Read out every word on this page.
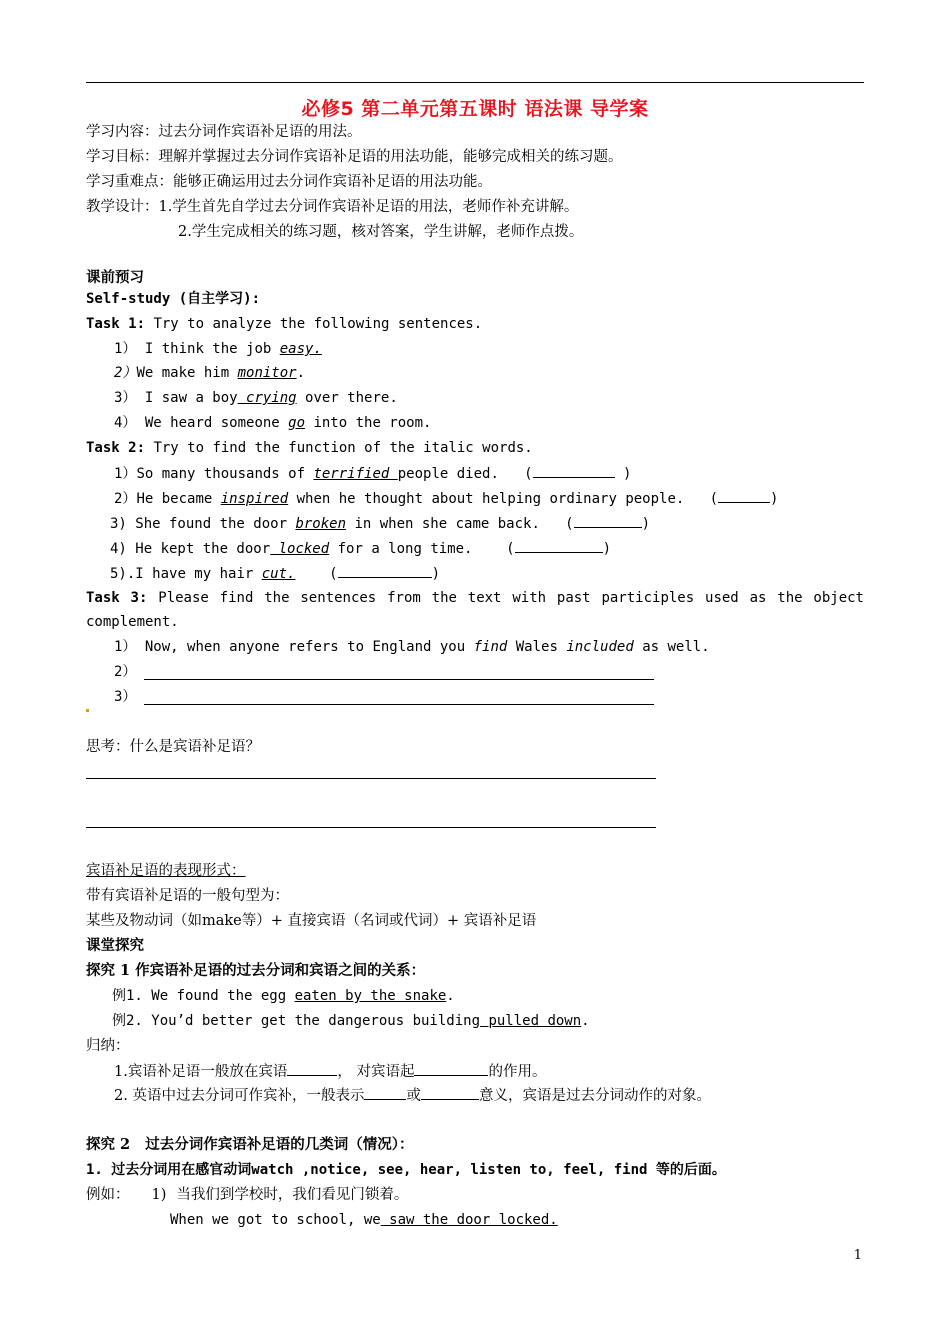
必修5 第二单元第五课时 语法课 导学案
学习内容：过去分词作宾语补足语的用法。
学习目标：理解并掌握过去分词作宾语补足语的用法功能，能够完成相关的练习题。
学习重难点：能够正确运用过去分词作宾语补足语的用法功能。
教学设计：1.学生首先自学过去分词作宾语补足语的用法，老师作补充讲解。
2.学生完成相关的练习题，核对答案，学生讲解，老师作点拨。
课前预习
Self-study (自主学习):
Task 1: Try to analyze the following sentences.
1） I think the job easy.
2）We make him monitor.
3） I saw a boy crying over there.
4） We heard someone go into the room.
Task 2: Try to find the function of the italic words.
1）So many thousands of terrified people died.   (	)
2）He became inspired when he thought about helping ordinary people.   (	)
3) She found the door broken in when she came back.   (	)
4) He kept the door locked for a long time.    (	)
5).I have my hair cut.    (	)
Task 3: Please find the sentences from the text with past participles used as the object
complement.
1） Now, when anyone refers to England you find Wales included as well.
2）
3）
思考：什么是宾语补足语？
宾语补足语的表现形式：
带有宾语补足语的一般句型为：
某些及物动词（如make等）+ 直接宾语（名词或代词）+ 宾语补足语
课堂探究
探究 1 作宾语补足语的过去分词和宾语之间的关系：
例1. We found the egg eaten by the snake.
例2. You’d better get the dangerous building pulled down.
归纳：
1.宾语补足语一般放在宾语	， 对宾语起	的作用。
2. 英语中过去分词可作宾补，一般表示	或	意义，宾语是过去分词动作的对象。
探究 2   过去分词作宾语补足语的几类词（情况）：
1. 过去分词用在感官动词watch ,notice, see, hear, listen to, feel, find 等的后面。
例如： 1) 当我们到学校时，我们看见门锁着。
When we got to school, we saw the door locked.
1
